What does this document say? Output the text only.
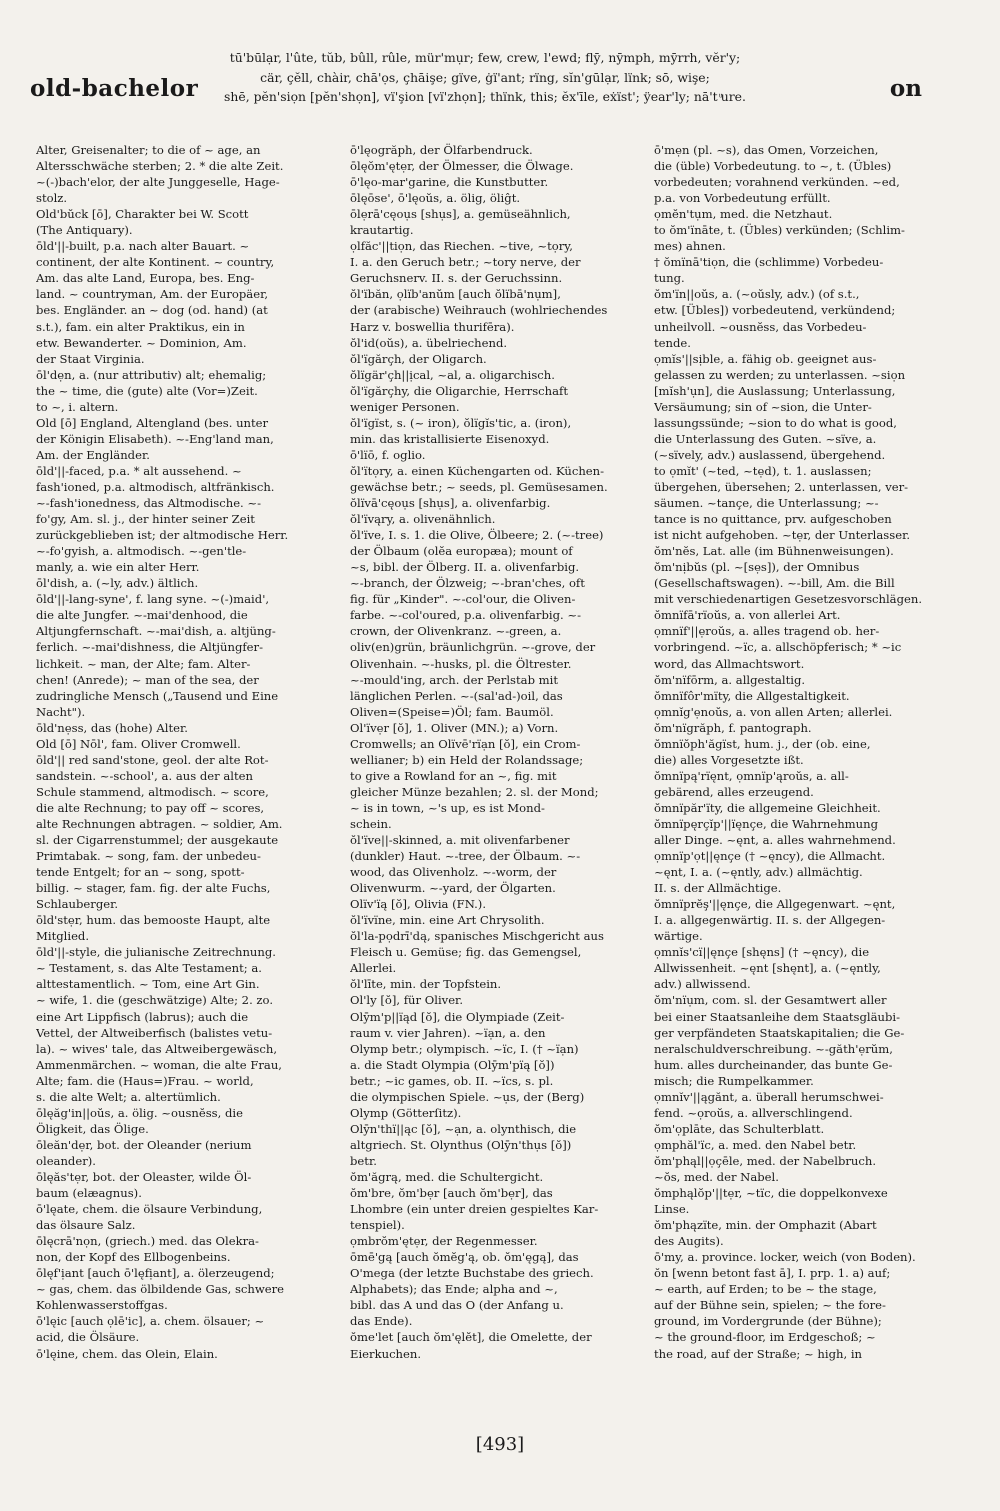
old-bachelor
tū'būlạr, l'ûte, tŭb, bûll, rûle, mür'mụr; few, crew, l'ewd; flȳ, nȳmph, mȳrrh, vĕr'y;
cär, çĕll, chàir, chā'ọs, çhāişe; gïve, ġï'ant; rïng, sĭn'gūlạr, lïnk; sō, wişe;
shē, pĕn'siọn [pĕn'shọn], vï'şion [vï'zhọn]; thïnk, this; ĕx'īle, eẋïst'; ÿear'ly; nā't ͧure.	on
Alter, Greisenalter; to die of ~ age, an
Altersschwäche sterben; 2. * die alte Zeit.
~(-)bach'elor, der alte Junggeselle, Hage-
stolz.
Old'bŭck [ō], Charakter bei W. Scott
(The Antiquary).
ōld'||-built, p.a. nach alter Bauart. ~
continent, der alte Kontinent. ~ country,
Am. das alte Land, Europa, bes. Eng-
land. ~ countryman, Am. der Europäer,
bes. Engländer. an ~ dog (od. hand) (at
s.t.), fam. ein alter Praktikus, ein in
etw. Bewanderter. ~ Dominion, Am.
der Staat Virginia.
ōl'dẹn, a. (nur attributiv) alt; ehemalig;
the ~ time, die (gute) alte (Vor=)Zeit.
to ~, i. altern.
Old [ō] England, Altengland (bes. unter
der Königin Elisabeth). ~-Eng'land man,
Am. der Engländer.
ōld'||-faced, p.a. * alt aussehend. ~
fash'ioned, p.a. altmodisch, altfränkisch.
~-fash'ionedness, das Altmodische. ~-
fo'gy, Am. sl. j., der hinter seiner Zeit
zurückgeblieben ist; der altmodische Herr.
~-fo'gyish, a. altmodisch. ~-gen'tle-
manly, a. wie ein alter Herr.
ōl'dish, a. (~ly, adv.) ältlich.
ōld'||-lang-syne', f. lang syne. ~(-)maid',
die alte Jungfer. ~-mai'denhood, die
Altjungfernschaft. ~-mai'dish, a. altjüng-
ferlich. ~-mai'dishness, die Altjüngfer-
lichkeit. ~ man, der Alte; fam. Alter-
chen! (Anrede); ~ man of the sea, der
zudringliche Mensch („Tausend und Eine
Nacht").
ōld'nẹss, das (hohe) Alter.
Old [ō] Nōl', fam. Oliver Cromwell.
ōld'|| red sand'stone, geol. der alte Rot-
sandstein. ~-school', a. aus der alten
Schule stammend, altmodisch. ~ score,
die alte Rechnung; to pay off ~ scores,
alte Rechnungen abtragen. ~ soldier, Am.
sl. der Cigarrenstummel; der ausgekaute
Primtabak. ~ song, fam. der unbedeu-
tende Entgelt; for an ~ song, spott-
billig. ~ stager, fam. fig. der alte Fuchs,
Schlauberger.
ōld'stẹr, hum. das bemooste Haupt, alte
Mitglied.
ōld'||-style, die julianische Zeitrechnung.
~ Testament, s. das Alte Testament; a.
alttestamentlich. ~ Tom, eine Art Gin.
~ wife, 1. die (geschwätzige) Alte; 2. zo.
eine Art Lippfisch (labrus); auch die
Vettel, der Altweiberfisch (balistes vetu-
la). ~ wives' tale, das Altweibergewäsch,
Ammenmärchen. ~ woman, die alte Frau,
Alte; fam. die (Haus=)Frau. ~ world,
s. die alte Welt; a. altertümlich.
ōlęăg'in||oŭs, a. ölig. ~ousnĕss, die
Öligkeit, das Ölige.
ōleăn'dẹr, bot. der Oleander (nerium
oleander).
ōlęăs'tẹr, bot. der Oleaster, wilde Öl-
baum (elæagnus).
ō'lęate, chem. die ölsaure Verbindung,
das ölsaure Salz.
ōlęcrā'nọn, (griech.) med. das Olekra-
non, der Kopf des Ellbogenbeins.
ōlęf'ịant [auch ō'lęfịant], a. ölerzeugend;
~ gas, chem. das ölbildende Gas, schwere
Kohlenwasserstoffgas.
ō'lęic [auch ọlē'ic], a. chem. ölsauer; ~
acid, die Ölsäure.
ō'lęine, chem. das Olein, Elain.
ō'lęogrăph, der Ölfarbendruck.
ōlęŏm'ętẹr, der Ölmesser, die Ölwage.
ō'lęo-mar'garine, die Kunstbutter.
ōlęōse', ō'lęoŭs, a. ölig, öliĝt.
ōlẹrā'cęoụs [shụs], a. gemüseähnlich,
krautartig.
ọlfăc'||tiọn, das Riechen. ~tive, ~tọry,
I. a. den Geruch betr.; ~tory nerve, der
Geruchsnerv. II. s. der Geruchssinn.
ŏl'ïbăn, ọlïb'anŭm [auch ŏlïbā'nụm],
der (arabische) Weihrauch (wohlriechendes
Harz v. boswellia thurifēra).
ŏl'id(oŭs), a. übelriechend.
ŏl'ïgărçh, der Oligarch.
ŏlïgär'çh||ịcal, ~al, a. oligarchisch.
ŏl'ïgărçhy, die Oligarchie, Herrschaft
weniger Personen.
ŏl'ïgïst, s. (~ iron), ŏlïgĭs'tic, a. (iron),
min. das kristallisierte Eisenoxyd.
ō'lïō, f. oglio.
ŏl'ïtọry, a. einen Küchengarten od. Küchen-
gewächse betr.; ~ seeds, pl. Gemüsesamen.
ŏlïvā'cęoụs [shụs], a. olivenfarbig.
ŏl'ïvąry, a. olivenähnlich.
ŏl'ïve, I. s. 1. die Olive, Ölbeere; 2. (~-tree)
der Ölbaum (olĕa europæa); mount of
~s, bibl. der Ölberg. II. a. olivenfarbig.
~-branch, der Ölzweig; ~-bran'ches, oft
fig. für „Kinder". ~-col'our, die Oliven-
farbe. ~-col'oured, p.a. olivenfarbig. ~-
crown, der Olivenkranz. ~-green, a.
oliv(en)grün, bräunlichgrün. ~-grove, der
Olivenhain. ~-husks, pl. die Öltrester.
~-mould'ing, arch. der Perlstab mit
länglichen Perlen. ~-(sal'ad-)oil, das
Oliven=(Speise=)Öl; fam. Baumöl.
Ol'ïvẹr [ŏ], 1. Oliver (MN.); a) Vorn.
Cromwells; an Olïvē'rïạn [ŏ], ein Crom-
wellianer; b) ein Held der Rolandssage;
to give a Rowland for an ~, fig. mit
gleicher Münze bezahlen; 2. sl. der Mond;
~ is in town, ~'s up, es ist Mond-
schein.
ŏl'ïve||-skinned, a. mit olivenfarbener
(dunkler) Haut. ~-tree, der Ölbaum. ~-
wood, das Olivenholz. ~-worm, der
Olivenwurm. ~-yard, der Ölgarten.
Olïv'ïą [ŏ], Olivia (FN.).
ŏl'ïvïne, min. eine Art Chrysolith.
ŏl'la-pọdrī'dą, spanisches Mischgericht aus
Fleisch u. Gemüse; fig. das Gemengsel,
Allerlei.
ŏl'līte, min. der Topfstein.
Ol'ly [ŏ], für Oliver.
Olȳm'p||ïąd [ŏ], die Olympiade (Zeit-
raum v. vier Jahren). ~ïạn, a. den
Olymp betr.; olympisch. ~ïc, I. († ~ïạn)
a. die Stadt Olympia (Olȳm'pïą [ŏ])
betr.; ~ic games, ob. II. ~ïcs, s. pl.
die olympischen Spiele. ~ụs, der (Berg)
Olymp (Götterſitz).
Olȳn'thï||ąc [ŏ], ~ạn, a. olynthisch, die
altgriech. St. Olynthus (Olȳn'thụs [ŏ])
betr.
ŏm'ăgrą, med. die Schultergicht.
ŏm'bre, ŏm'bẹr [auch ŏm'bẹr], das
Lhombre (ein unter dreien gespieltes Kar-
tenspiel).
ọmbrŏm'ętẹr, der Regenmesser.
ōmē'gą [auch ŏmĕg'ą, ob. ŏm'ęgą], das
O'mega (der letzte Buchstabe des griech.
Alphabets); das Ende; alpha and ~,
bibl. das A und das O (der Anfang u.
das Ende).
ŏme'let [auch ŏm'ęlĕt], die Omelette, der
Eierkuchen.
ō'mẹn (pl. ~s), das Omen, Vorzeichen,
die (üble) Vorbedeutung. to ~, t. (Übles)
vorbedeuten; vorahnend verkünden. ~ed,
p.a. von Vorbedeutung erfüllt.
ọmĕn'tụm, med. die Netzhaut.
to ŏm'ïnāte, t. (Übles) verkünden; (Schlim-
mes) ahnen.
† ŏmïnā'tiọn, die (schlimme) Vorbedeu-
tung.
ŏm'ïn||oŭs, a. (~oŭsly, adv.) (of s.t.,
etw. [Übles]) vorbedeutend, verkündend;
unheilvoll. ~ousnĕss, das Vorbedeu-
tende.
ọmĭs'||sịble, a. fähig ob. geeignet aus-
gelassen zu werden; zu unterlassen. ~siọn
[mĭsh'ụn], die Auslassung; Unterlassung,
Versäumung; sin of ~sion, die Unter-
lassungssünde; ~sion to do what is good,
die Unterlassung des Guten. ~sïve, a.
(~sïvely, adv.) auslassend, übergehend.
to ọmĭt' (~ted, ~tẹd), t. 1. auslassen;
übergehen, übersehen; 2. unterlassen, ver-
säumen. ~tançe, die Unterlassung; ~-
tance is no quittance, prv. aufgeschoben
ist nicht aufgehoben. ~tẹr, der Unterlasser.
ŏm'nĕs, Lat. alle (im Bühnenweisungen).
ŏm'nịbŭs (pl. ~[sẹs]), der Omnibus
(Gesellschaftswagen). ~-bill, Am. die Bill
mit verschiedenartigen Gesetzesvorschlägen.
ŏmnïfā'rïoŭs, a. von allerlei Art.
ọmnïf'||ẹroŭs, a. alles tragend ob. her-
vorbringend. ~ïc, a. allschöpferisch; * ~ic
word, das Allmachtswort.
ŏm'nïfōrm, a. allgestaltig.
ŏmnïfôr'mïty, die Allgestaltigkeit.
ọmnĭg'ẹnoŭs, a. von allen Arten; allerlei.
ŏm'nïgrăph, f. pantograph.
ŏmnïŏph'ăgïst, hum. j., der (ob. eine,
die) alles Vorgesetzte ißt.
ŏmnïpą'rïęnt, ọmnïp'ąroŭs, a. all-
gebärend, alles erzeugend.
ŏmnïpăr'ïty, die allgemeine Gleichheit.
ŏmnïpęrçĭp'||ïęnçe, die Wahrnehmung
aller Dinge. ~ęnt, a. alles wahrnehmend.
ọmnïp'ọt||ęnçe († ~ęncy), die Allmacht.
~ęnt, I. a. (~ęntly, adv.) allmächtig.
II. s. der Allmächtige.
ŏmnïprĕş'||ęnçe, die Allgegenwart. ~ęnt,
I. a. allgegenwärtig. II. s. der Allgegen-
wärtige.
ọmnĭs'cï||ęnçe [shęns] († ~ęncy), die
Allwissenheit. ~ęnt [shęnt], a. (~ęntly,
adv.) allwissend.
ŏm'nïụm, com. sl. der Gesamtwert aller
bei einer Staatsanleihe dem Staatsgläubi-
ger verpfändeten Staatskapitalien; die Ge-
neralschuldverschreibung. ~-găth'ẹrŭm,
hum. alles durcheinander, das bunte Ge-
misch; die Rumpelkammer.
ọmnĭv'||ągănt, a. überall herumschwei-
fend. ~ọroŭs, a. allverschlingend.
ŏm'ọplāte, das Schulterblatt.
ọmphăl'ïc, a. med. den Nabel betr.
ŏm'phąl||ọçēle, med. der Nabelbruch.
~ŏs, med. der Nabel.
ŏmphąlŏp'||tẹr, ~tïc, die doppelkonvexe
Linse.
ŏm'phązïte, min. der Omphazit (Abart
des Augits).
ō'my, a. province. locker, weich (von Boden).
ŏn [wenn betont fast ā], I. prp. 1. a) auf;
~ earth, auf Erden; to be ~ the stage,
auf der Bühne sein, spielen; ~ the fore-
ground, im Vordergrunde (der Bühne);
~ the ground-floor, im Erdgeschoß; ~
the road, auf der Straße; ~ high, in
[493]
